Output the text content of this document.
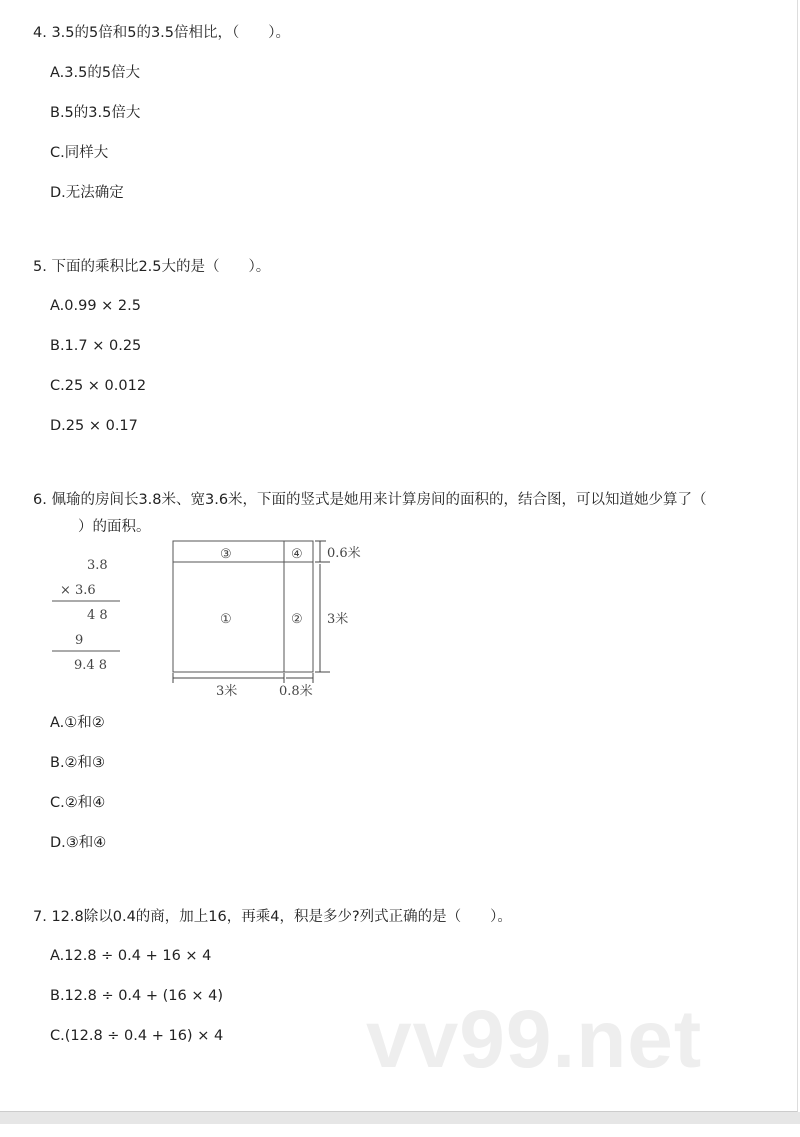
4. 3.5的5倍和5的3.5倍相比，（　　）。
A.3.5的5倍大
B.5的3.5倍大
C.同样大
D.无法确定
5. 下面的乘积比2.5大的是（　　）。
A.0.99 × 2.5
B.1.7 × 0.25
C.25 × 0.012
D.25 × 0.17
6. 佩瑜的房间长3.8米、宽3.6米，下面的竖式是她用来计算房间的面积的，结合图，可以知道她少算了（
）的面积。
3.8
× 3.6
4 8
9
9.4 8
③	④
①	②
0.6米
3米
3米	0.8米
A.①和②
B.②和③
C.②和④
D.③和④
7. 12.8除以0.4的商，加上16，再乘4，积是多少?列式正确的是（　　）。
A.12.8 ÷ 0.4 + 16 × 4
B.12.8 ÷ 0.4 + (16 × 4)
C.(12.8 ÷ 0.4 + 16) × 4 vv99.net
